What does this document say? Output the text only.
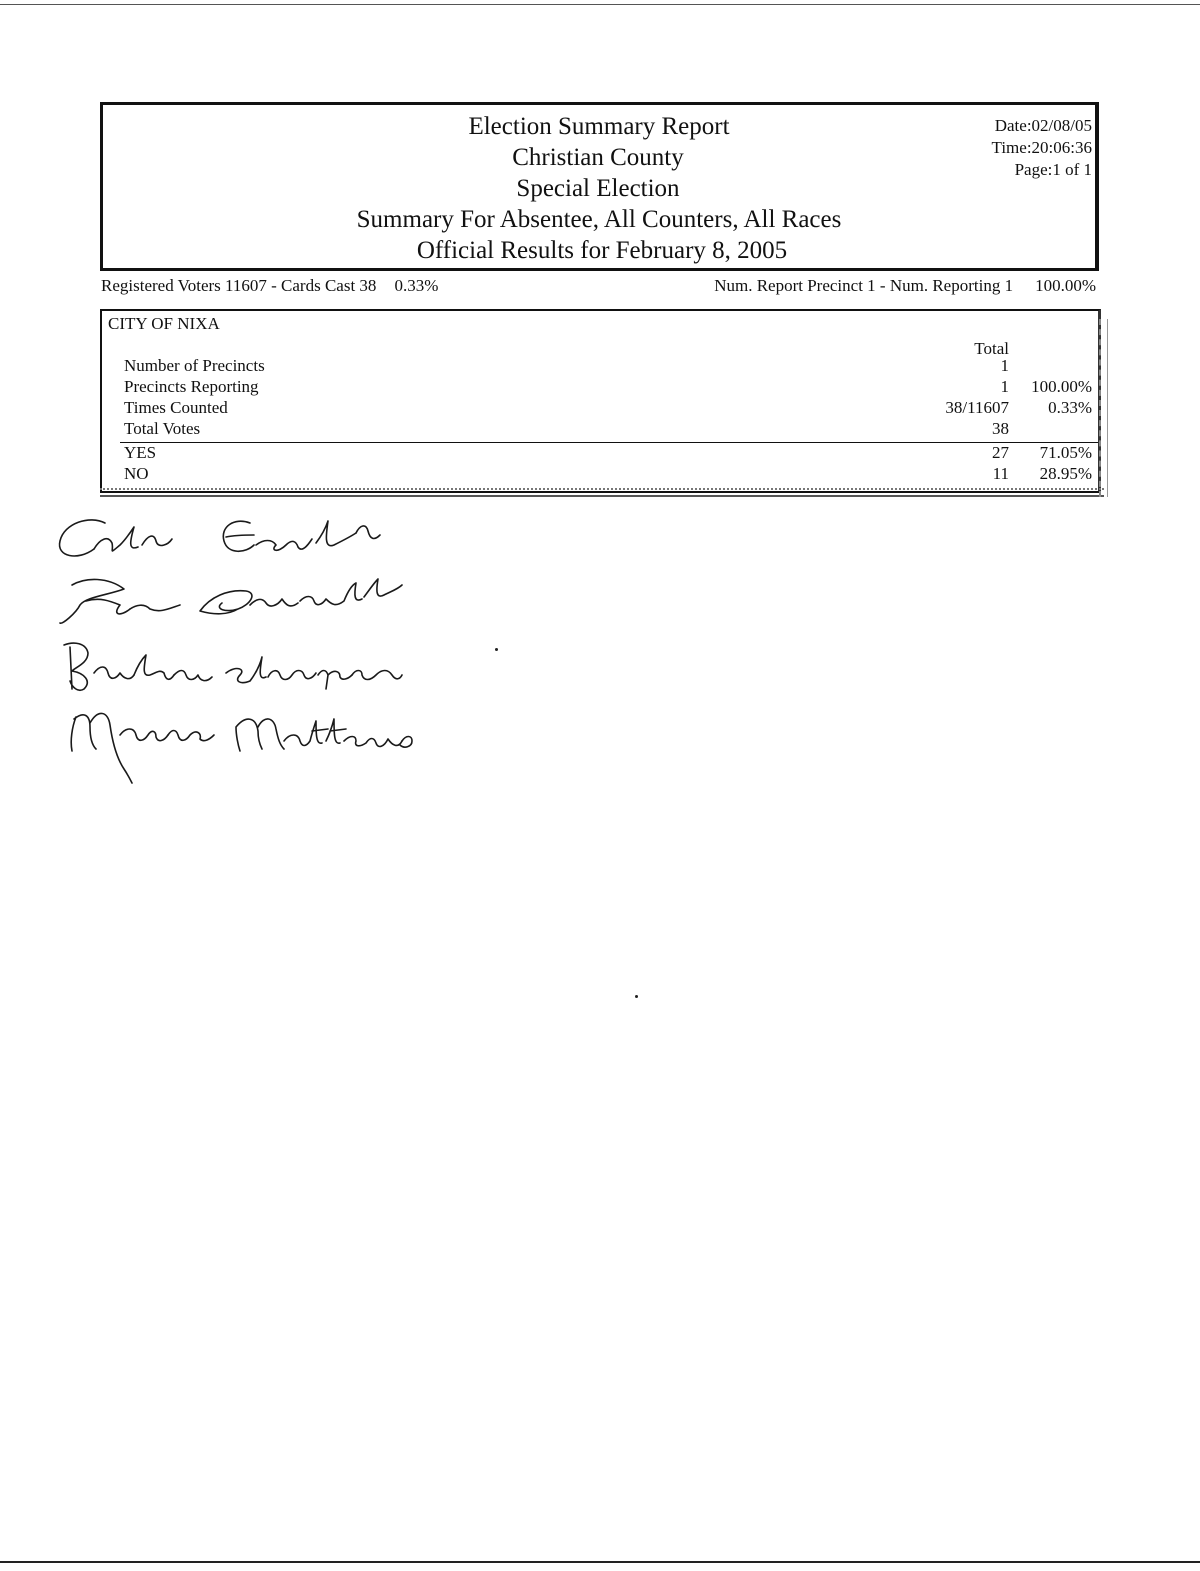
Election Summary Report
Christian County
Special Election
Summary For Absentee, All Counters, All Races
Official Results for February 8, 2005
Date:02/08/05
Time:20:06:36
Page:1 of 1
Registered Voters 11607 - Cards Cast 38 0.33%	Num. Report Precinct 1 - Num. Reporting 1 100.00%
CITY OF NIXA
Total
Number of Precincts	1
Precincts Reporting	1 100.00%
Times Counted	38/11607 0.33%
Total Votes	38
YES	27 71.05%
NO	11 28.95%
